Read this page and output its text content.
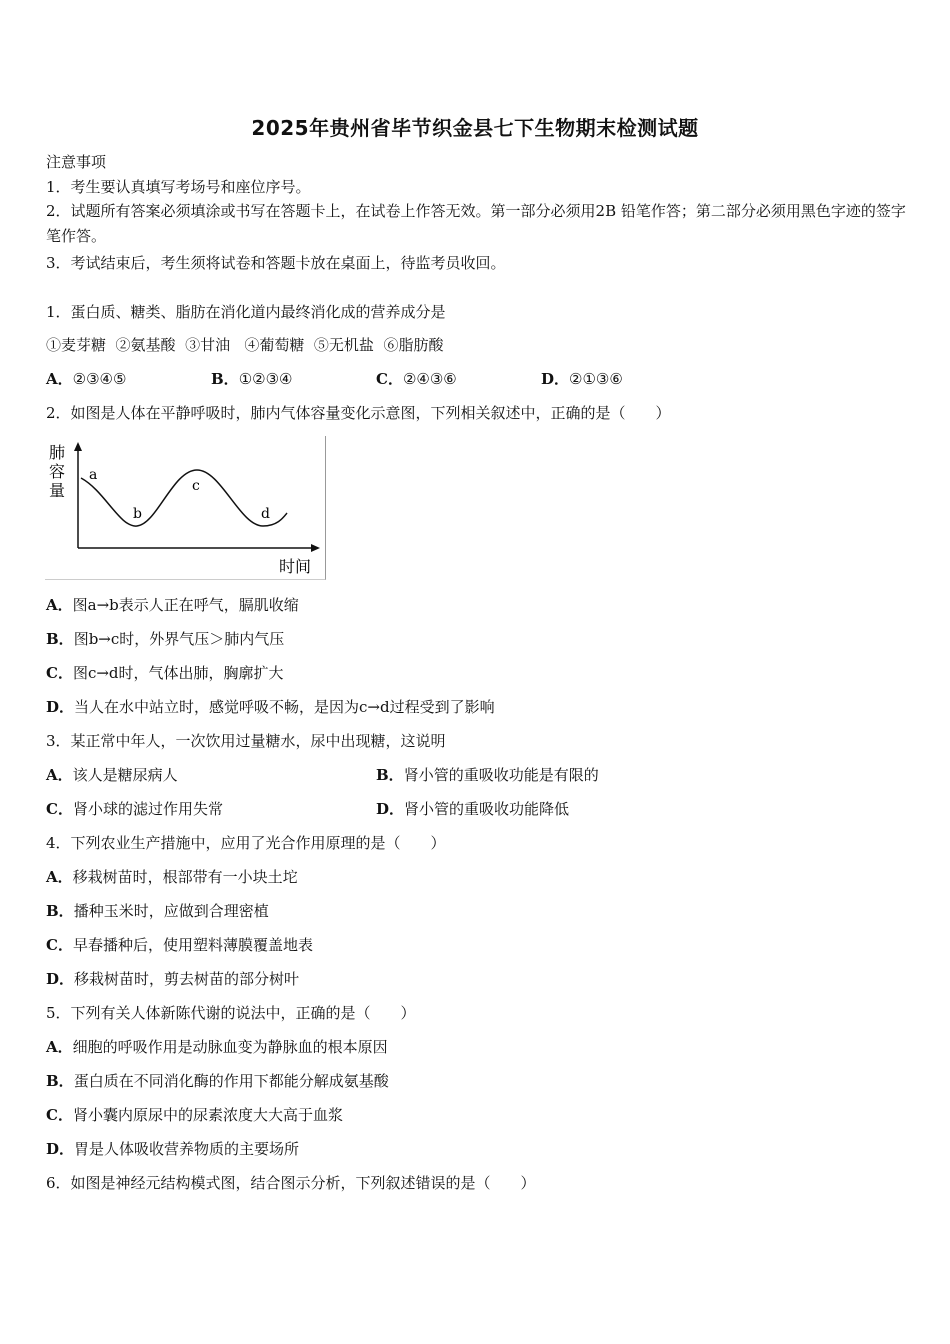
2025年贵州省毕节织金县七下生物期末检测试题
注意事项
1．考生要认真填写考场号和座位序号。
2．试题所有答案必须填涂或书写在答题卡上，在试卷上作答无效。第一部分必须用2B 铅笔作答；第二部分必须用黑色字迹的签字笔作答。
3．考试结束后，考生须将试卷和答题卡放在桌面上，待监考员收回。
1．蛋白质、糖类、脂肪在消化道内最终消化成的营养成分是
①麦芽糖  ②氨基酸  ③甘油   ④葡萄糖  ⑤无机盐  ⑥脂肪酸
A．②③④⑤	B．①②③④	C．②④③⑥	D．②①③⑥
2．如图是人体在平静呼吸时，肺内气体容量变化示意图，下列相关叙述中，正确的是（　　）
肺
容
量
时间
a
b
c
d
A．图a→b表示人正在呼气，膈肌收缩
B．图b→c时，外界气压＞肺内气压
C．图c→d时，气体出肺，胸廓扩大
D．当人在水中站立时，感觉呼吸不畅，是因为c→d过程受到了影响
3．某正常中年人，一次饮用过量糖水，尿中出现糖，这说明
A．该人是糖尿病人	B．肾小管的重吸收功能是有限的
C．肾小球的滤过作用失常	D．肾小管的重吸收功能降低
4．下列农业生产措施中，应用了光合作用原理的是（　　）
A．移栽树苗时，根部带有一小块土坨
B．播种玉米时，应做到合理密植
C．早春播种后，使用塑料薄膜覆盖地表
D．移栽树苗时，剪去树苗的部分树叶
5．下列有关人体新陈代谢的说法中，正确的是（　　）
A．细胞的呼吸作用是动脉血变为静脉血的根本原因
B．蛋白质在不同消化酶的作用下都能分解成氨基酸
C．肾小囊内原尿中的尿素浓度大大高于血浆
D．胃是人体吸收营养物质的主要场所
6．如图是神经元结构模式图，结合图示分析，下列叙述错误的是（　　）
